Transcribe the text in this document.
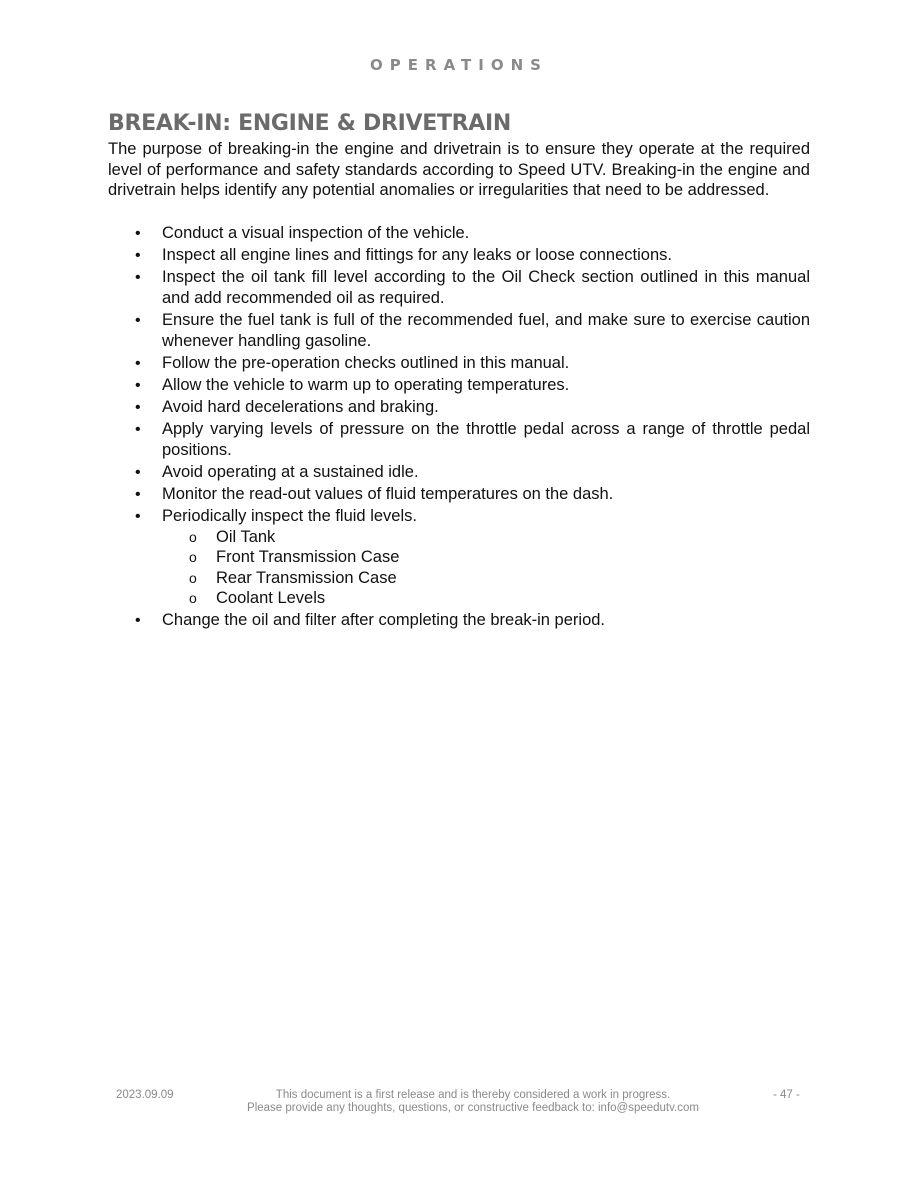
OPERATIONS
BREAK-IN: ENGINE & DRIVETRAIN

The purpose of breaking-in the engine and drivetrain is to ensure they operate at the required level of performance and safety standards according to Speed UTV. Breaking-in the engine and drivetrain helps identify any potential anomalies or irregularities that need to be addressed.

• Conduct a visual inspection of the vehicle.
• Inspect all engine lines and fittings for any leaks or loose connections.
• Inspect the oil tank fill level according to the Oil Check section outlined in this manual and add recommended oil as required.
• Ensure the fuel tank is full of the recommended fuel, and make sure to exercise caution whenever handling gasoline.
• Follow the pre-operation checks outlined in this manual.
• Allow the vehicle to warm up to operating temperatures.
• Avoid hard decelerations and braking.
• Apply varying levels of pressure on the throttle pedal across a range of throttle pedal positions.
• Avoid operating at a sustained idle.
• Monitor the read-out values of fluid temperatures on the dash.
• Periodically inspect the fluid levels.
o Oil Tank
o Front Transmission Case
o Rear Transmission Case
o Coolant Levels
• Change the oil and filter after completing the break-in period.
2023.09.09	This document is a first release and is thereby considered a work in progress.
Please provide any thoughts, questions, or constructive feedback to: info@speedutv.com
- 47 -
